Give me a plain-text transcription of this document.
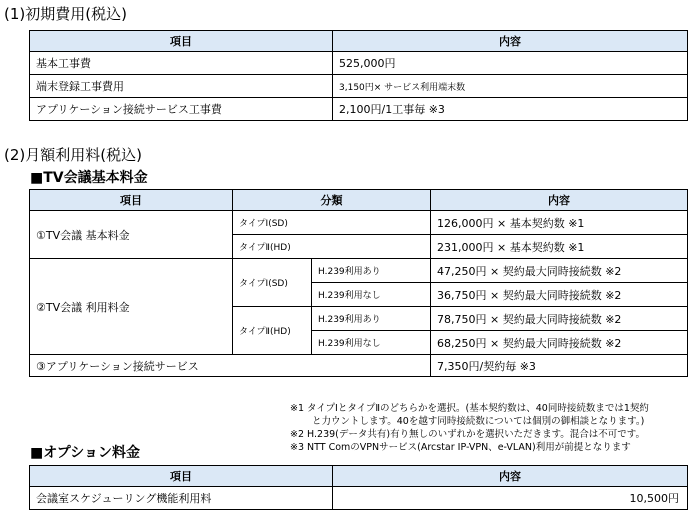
(1)初期費用(税込)
項目	内容
基本工事費	525,000円
端末登録工事費用	3,150円× サービス利用端末数
アプリケーション接続サービス工事費	2,100円/1工事毎 ※3
(2)月額利用料(税込)
■TV会議基本料金
項目	分類		内容
①TV会議 基本料金	タイプⅠ(SD)		126,000円 × 基本契約数 ※1
	タイプⅡ(HD)		231,000円 × 基本契約数 ※1
②TV会議 利用料金	タイプⅠ(SD)	H.239利用あり	47,250円 × 契約最大同時接続数 ※2
		H.239利用なし	36,750円 × 契約最大同時接続数 ※2
	タイプⅡ(HD)	H.239利用あり	78,750円 × 契約最大同時接続数 ※2
		H.239利用なし	68,250円 × 契約最大同時接続数 ※2
③アプリケーション接続サービス			7,350円/契約毎 ※3
※1 タイプⅠとタイプⅡのどちらかを選択。(基本契約数は、40同時接続数までは1契約
と力ウントします。40を越す同時接続数については個別の御相談となります。)
※2 H.239(データ共有)有り無しのいずれかを選択いただきます。混合は不可です。
※3 NTT ComのVPNサービス(Arcstar IP-VPN、e-VLAN)利用が前提となります
■オプション料金
項目	内容
会議室スケジューリング機能利用料	10,500円
